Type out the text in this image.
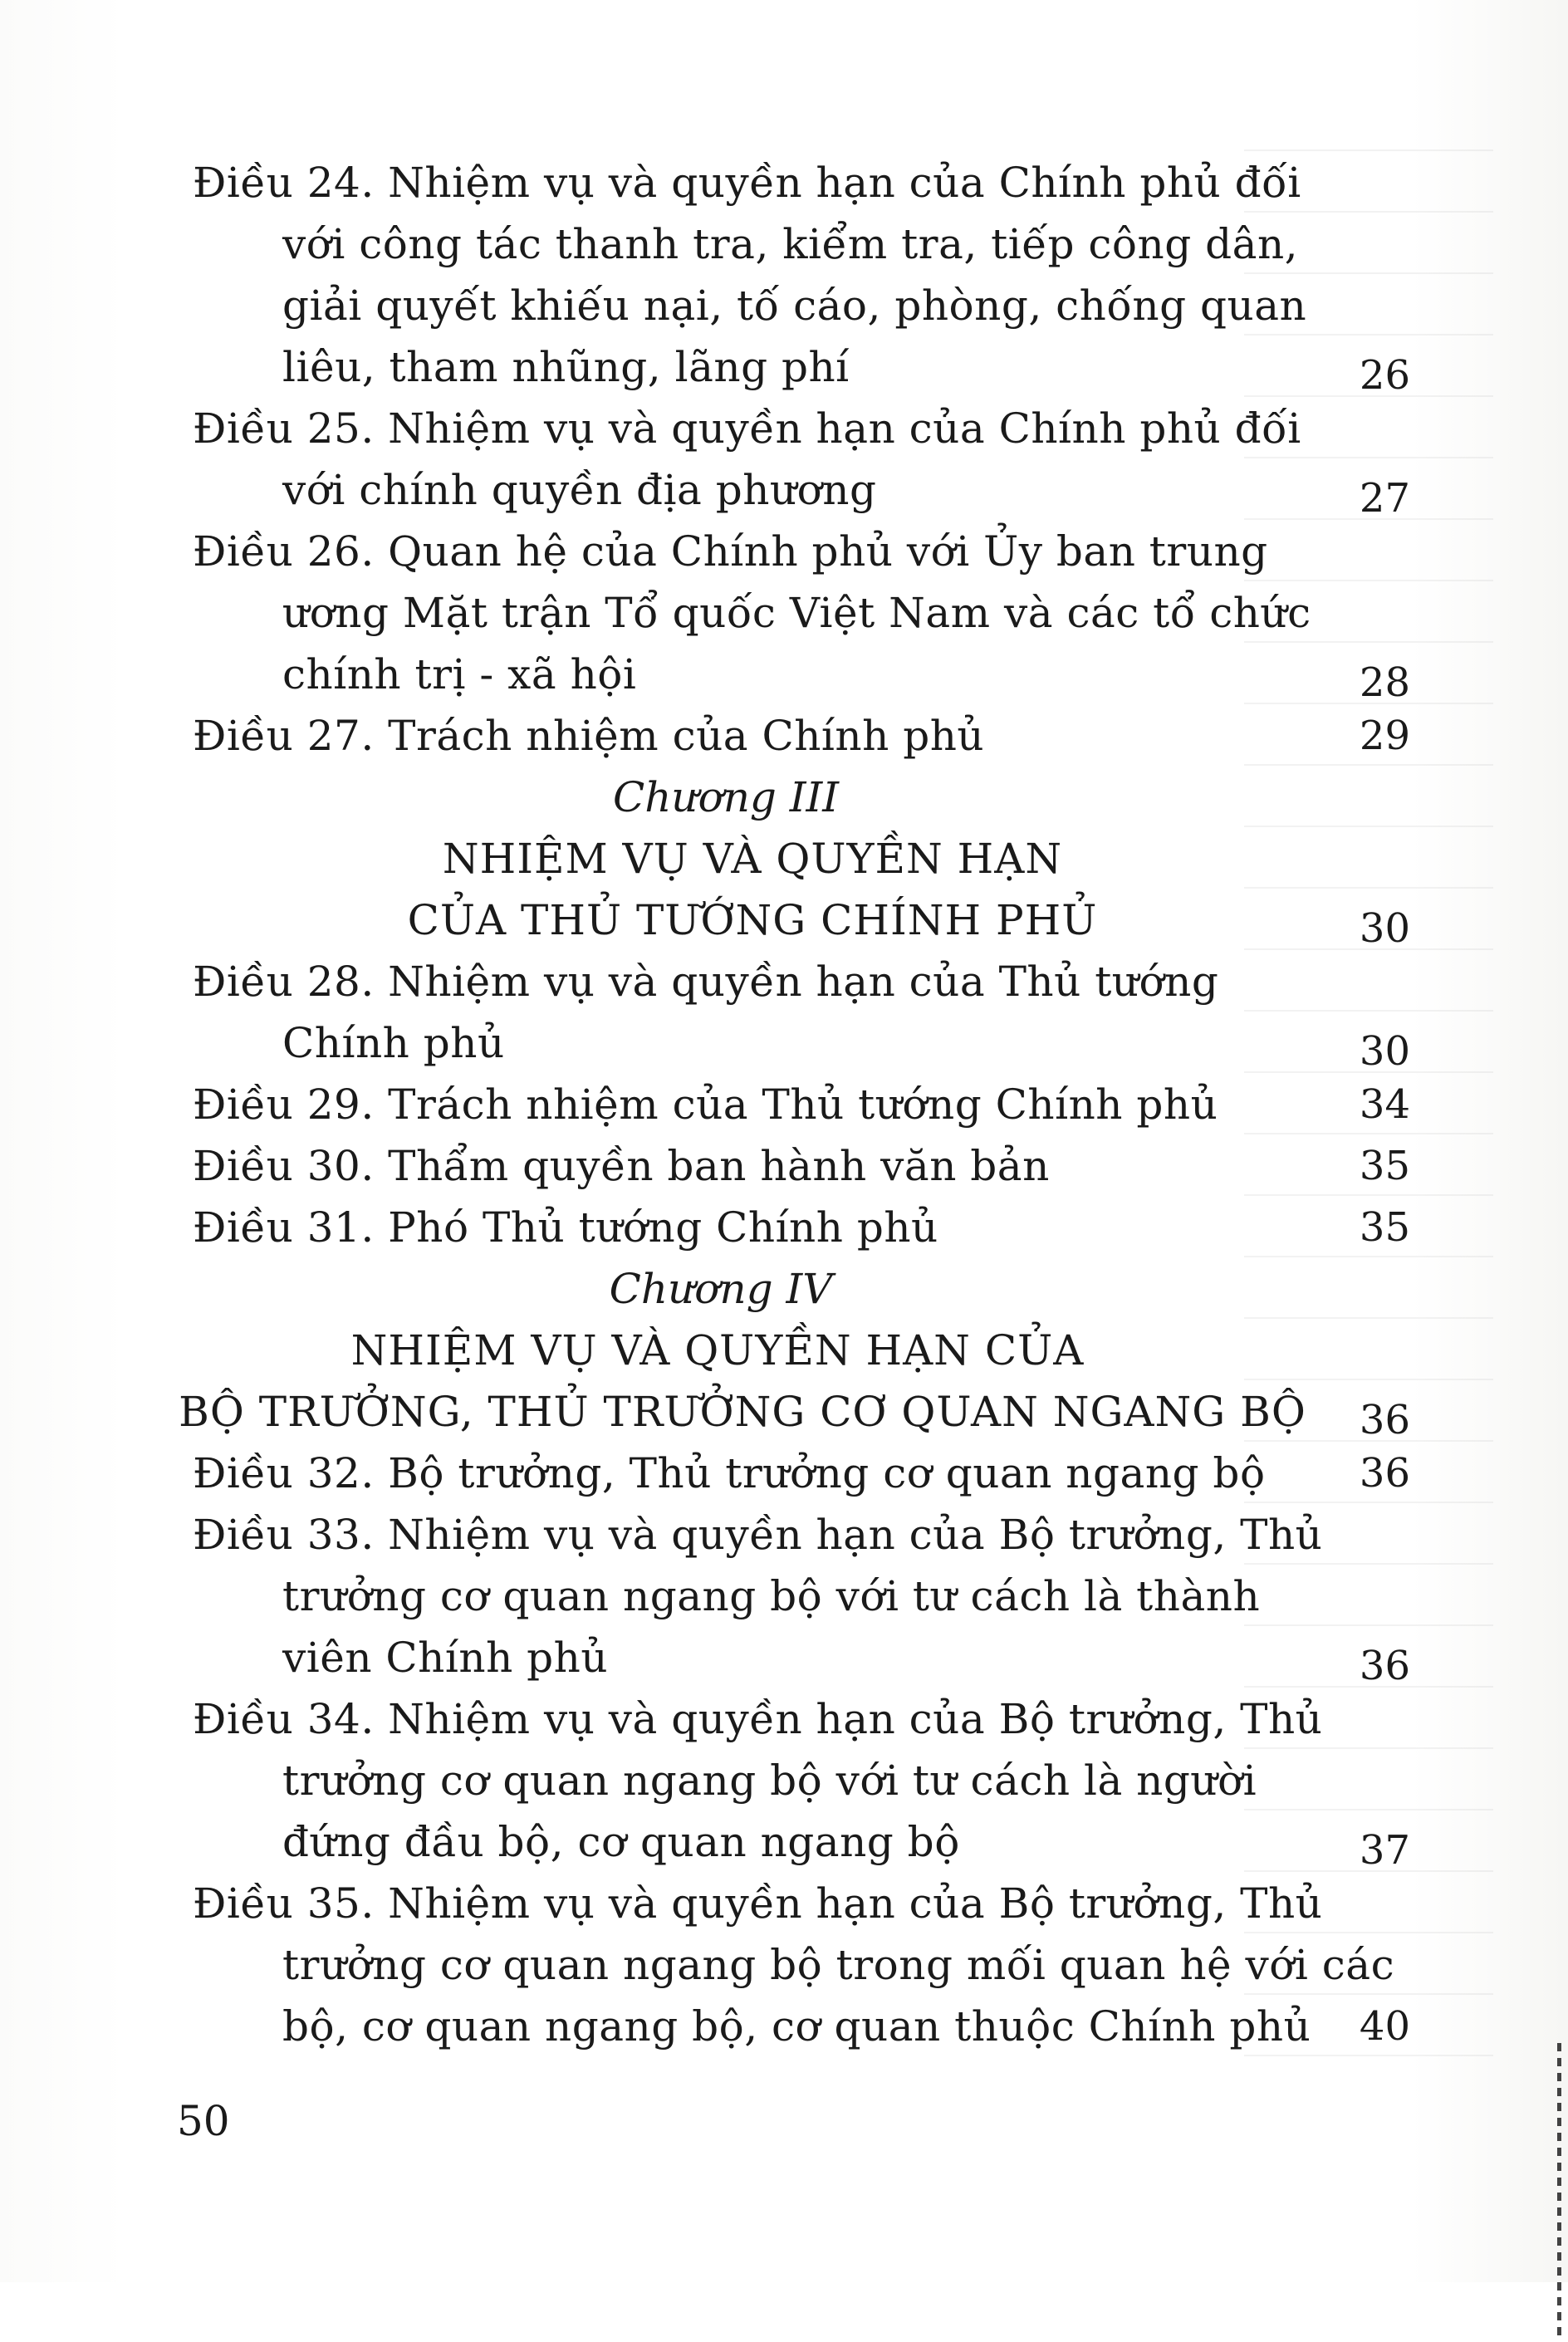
Điều 24. Nhiệm vụ và quyền hạn của Chính phủ đối
với công tác thanh tra, kiểm tra, tiếp công dân,
giải quyết khiếu nại, tố cáo, phòng, chống quan
liêu, tham nhũng, lãng phí	26
Điều 25. Nhiệm vụ và quyền hạn của Chính phủ đối
với chính quyền địa phương	27
Điều 26. Quan hệ của Chính phủ với Ủy ban trung
ương Mặt trận Tổ quốc Việt Nam và các tổ chức
chính trị - xã hội	28
Điều 27. Trách nhiệm của Chính phủ	29
Chương III
NHIỆM VỤ VÀ QUYỀN HẠN
CỦA THỦ TƯỚNG CHÍNH PHỦ	30
Điều 28. Nhiệm vụ và quyền hạn của Thủ tướng
Chính phủ	30
Điều 29. Trách nhiệm của Thủ tướng Chính phủ	34
Điều 30. Thẩm quyền ban hành văn bản	35
Điều 31. Phó Thủ tướng Chính phủ	35
Chương IV
NHIỆM VỤ VÀ QUYỀN HẠN CỦA
BỘ TRƯỞNG, THỦ TRƯỞNG CƠ QUAN NGANG BỘ	36
Điều 32. Bộ trưởng, Thủ trưởng cơ quan ngang bộ 36
Điều 33. Nhiệm vụ và quyền hạn của Bộ trưởng, Thủ
trưởng cơ quan ngang bộ với tư cách là thành
viên Chính phủ	36
Điều 34. Nhiệm vụ và quyền hạn của Bộ trưởng, Thủ
trưởng cơ quan ngang bộ với tư cách là người
đứng đầu bộ, cơ quan ngang bộ	37
Điều 35. Nhiệm vụ và quyền hạn của Bộ trưởng, Thủ
trưởng cơ quan ngang bộ trong mối quan hệ với các
bộ, cơ quan ngang bộ, cơ quan thuộc Chính phủ 40
50
